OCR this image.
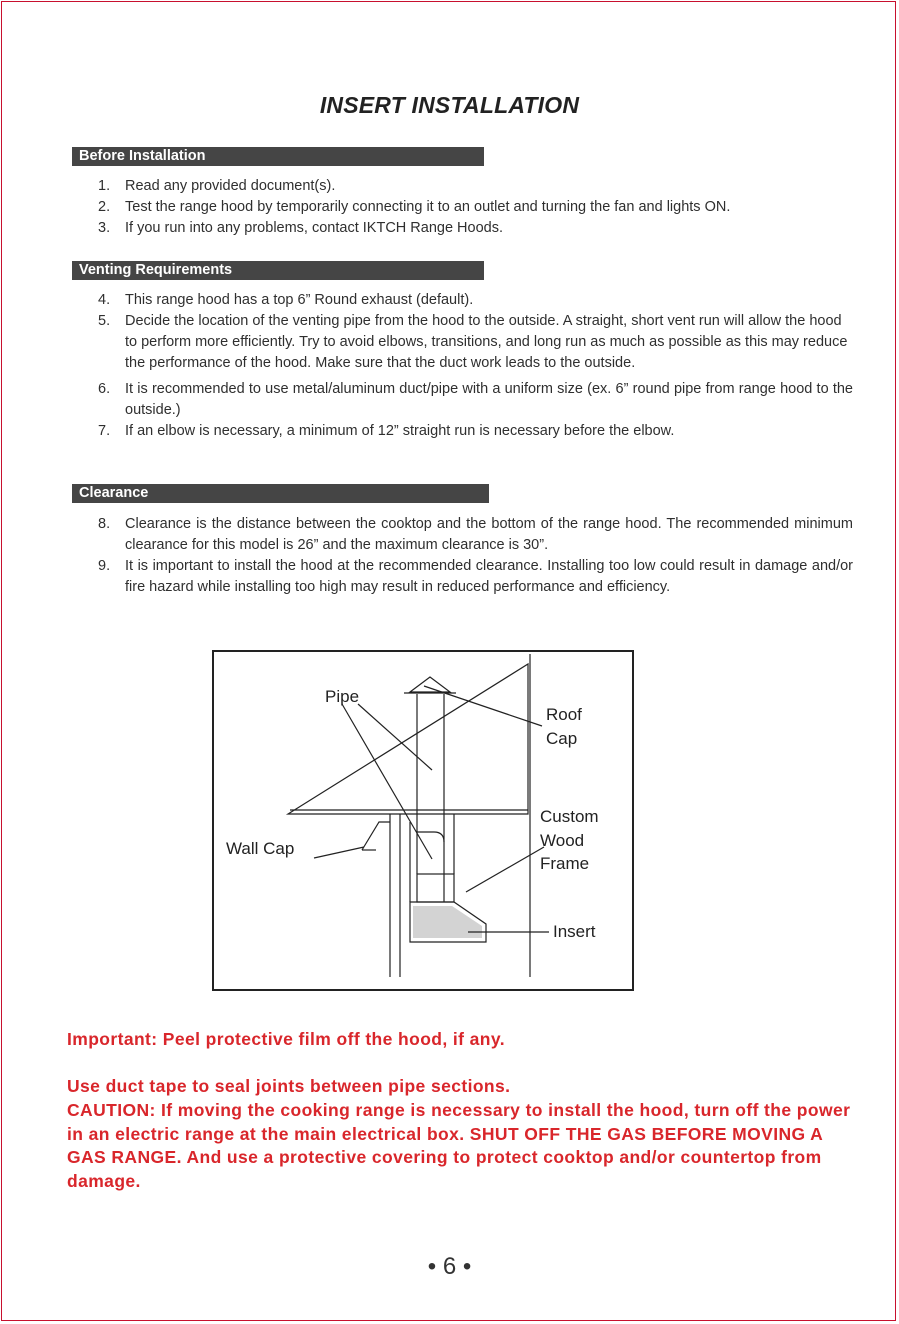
INSERT INSTALLATION
Before Installation
1. Read any provided document(s).
2. Test the range hood by temporarily connecting it to an outlet and turning the fan and lights ON.
3. If you run into any problems, contact IKTCH Range Hoods.
Venting Requirements
4. This range hood has a top 6” Round exhaust (default).
5. Decide the location of the venting pipe from the hood to the outside. A straight, short vent run will allow the hood to perform more efficiently. Try to avoid elbows, transitions, and long run as much as possible as this may reduce the performance of the hood. Make sure that the duct work leads to the outside.
6. It is recommended to use metal/aluminum duct/pipe with a uniform size (ex. 6” round pipe from range hood to the outside.)
7. If an elbow is necessary, a minimum of 12” straight run is necessary before the elbow.
Clearance
8. Clearance is the distance between the cooktop and the bottom of the range hood. The recommended minimum clearance for this model is 26” and the maximum clearance is 30”.
9. It is important to install the hood at the recommended clearance. Installing too low could result in damage and/or fire hazard while installing too high may result in reduced performance and efficiency.
Pipe
Roof
Cap
Custom
Wood
Frame
Wall Cap
Insert

Important: Peel protective film off the hood, if any.

Use duct tape to seal joints between pipe sections.

CAUTION: If moving the cooking range is necessary to install the hood, turn off the power in an electric range at the main electrical box. SHUT OFF THE GAS BEFORE MOVING A GAS RANGE. And use a protective covering to protect cooktop and/or countertop from damage.

• 6 •
